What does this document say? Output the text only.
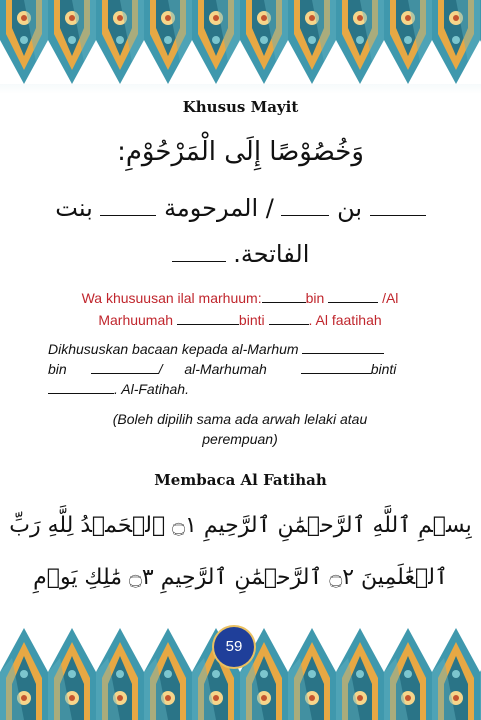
Khusus Mayit
وَخُصُوْصًا إِلَى الْمَرْحُوْمِ:
بن  / المرحومة  بنت
الفاتحة.
Wa khusuusan ilal marhuum:	bin	/Al
Marhuumah	binti	. Al faatihah
Dikhususkan bacaan kepada al-Marhum
bin	/ al-Marhumah	binti
. Al-Fatihah.
(Boleh dipilih sama ada arwah lelaki atau
perempuan)
Membaca Al Fatihah
بِسۡمِ ٱللَّهِ ٱلرَّحۡمَٰنِ ٱلرَّحِيمِ ۝١ ٱلۡحَمۡدُ لِلَّهِ رَبِّ
ٱلۡعَٰلَمِينَ ۝٢ ٱلرَّحۡمَٰنِ ٱلرَّحِيمِ ۝٣ مَٰلِكِ يَوۡمِ
59
